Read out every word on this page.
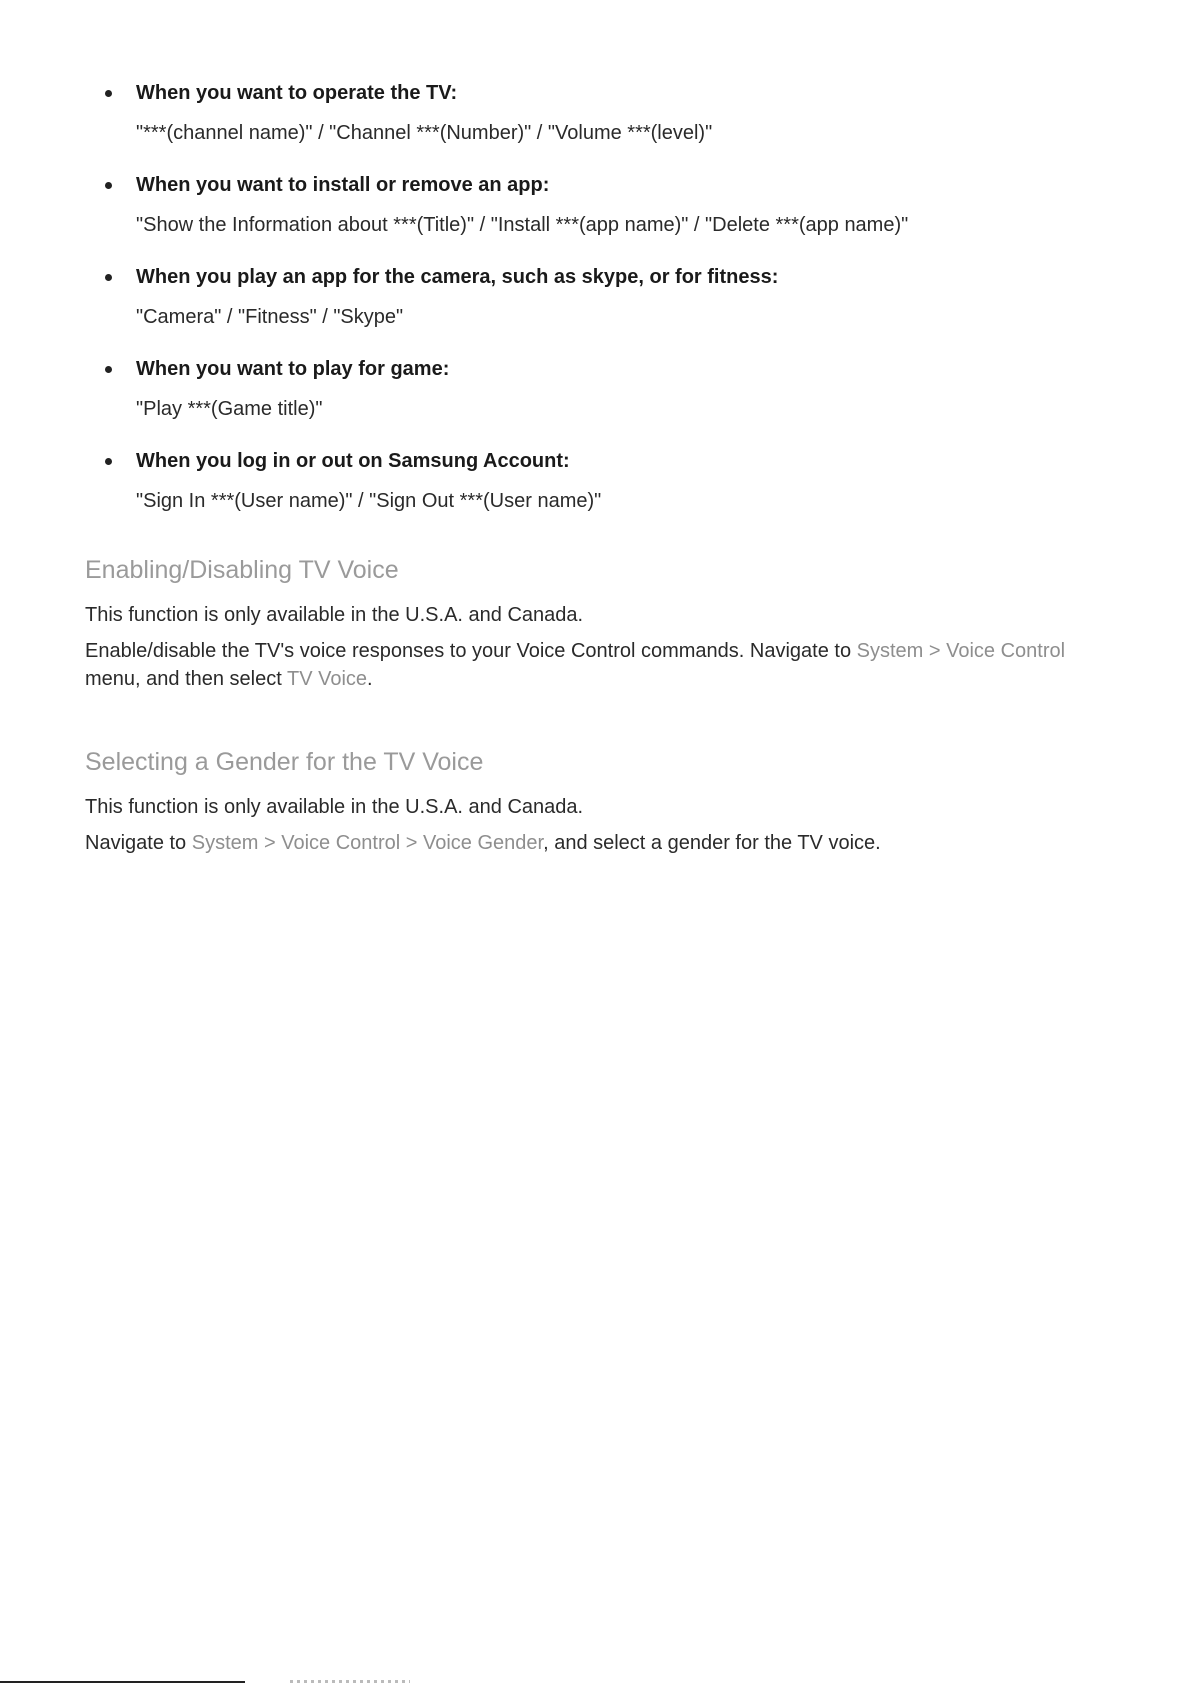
When you want to operate the TV:

"***(channel name)" / "Channel ***(Number)" / "Volume ***(level)"

When you want to install or remove an app:

"Show the Information about ***(Title)" / "Install ***(app name)" / "Delete ***(app name)"

When you play an app for the camera, such as skype, or for fitness:

"Camera" / "Fitness" / "Skype"

When you want to play for game:

"Play ***(Game title)"

When you log in or out on Samsung Account:

"Sign In ***(User name)" / "Sign Out ***(User name)"

Enabling/Disabling TV Voice

This function is only available in the U.S.A. and Canada.

Enable/disable the TV's voice responses to your Voice Control commands. Navigate to System > Voice Control menu, and then select TV Voice.

Selecting a Gender for the TV Voice

This function is only available in the U.S.A. and Canada.

Navigate to System > Voice Control > Voice Gender, and select a gender for the TV voice.
